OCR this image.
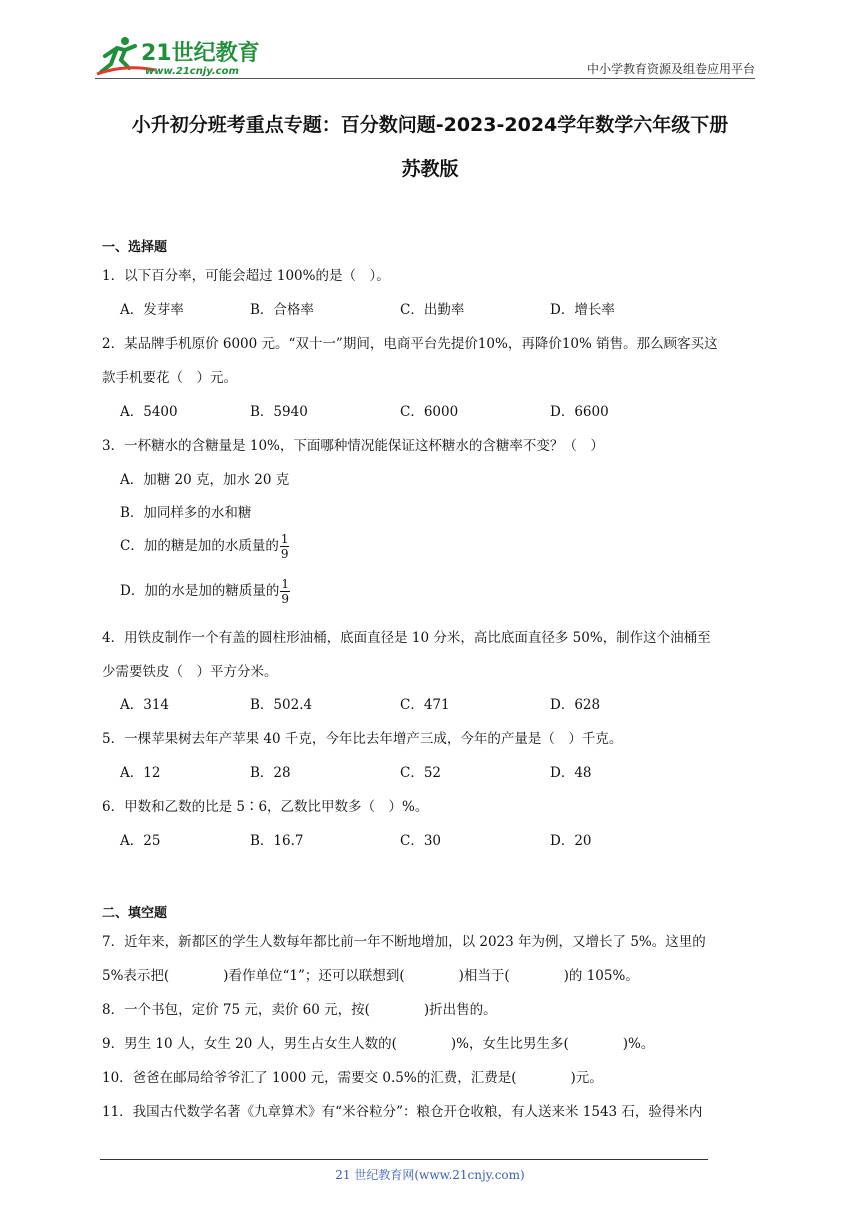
21世纪教育
www.21cnjy.com	中小学教育资源及组卷应用平台
小升初分班考重点专题：百分数问题-2023-2024学年数学六年级下册
苏教版
一、选择题
1．以下百分率，可能会超过 100%的是（　）。
A．发芽率	B．合格率	C．出勤率	D．增长率
2．某品牌手机原价 6000 元。“双十一”期间，电商平台先提价10%，再降价10% 销售。那么顾客买这
款手机要花（　）元。
A．5400	B．5940	C．6000	D．6600
3．一杯糖水的含糖量是 10%，下面哪种情况能保证这杯糖水的含糖率不变？（　）
A．加糖 20 克，加水 20 克
B．加同样多的水和糖
C．加的糖是加的水质量的 $\frac{1}{9}$
D．加的水是加的糖质量的 $\frac{1}{9}$
4．用铁皮制作一个有盖的圆柱形油桶，底面直径是 10 分米，高比底面直径多 50%，制作这个油桶至
少需要铁皮（　）平方分米。
A．314	B．502.4	C．471	D．628
5．一棵苹果树去年产苹果 40 千克，今年比去年增产三成，今年的产量是（　）千克。
A．12	B．28	C．52	D．48
6．甲数和乙数的比是 5∶6，乙数比甲数多（　）%。
A．25	B．16.7	C．30	D．20
二、填空题
7．近年来，新都区的学生人数每年都比前一年不断地增加，以 2023 年为例，又增长了 5%。这里的
5%表示把(　　　　)看作单位“1”；还可以联想到(　　　　)相当于(　　　　)的 105%。
8．一个书包，定价 75 元，卖价 60 元，按(　　　　)折出售的。
9．男生 10 人，女生 20 人，男生占女生人数的(　　　　)%，女生比男生多(　　　　)%。
10．爸爸在邮局给爷爷汇了 1000 元，需要交 0.5%的汇费，汇费是(　　　　)元。
11．我国古代数学名著《九章算术》有“米谷粒分”：粮仓开仓收粮，有人送来米 1543 石，验得米内
21 世纪教育网(www.21cnjy.com)
